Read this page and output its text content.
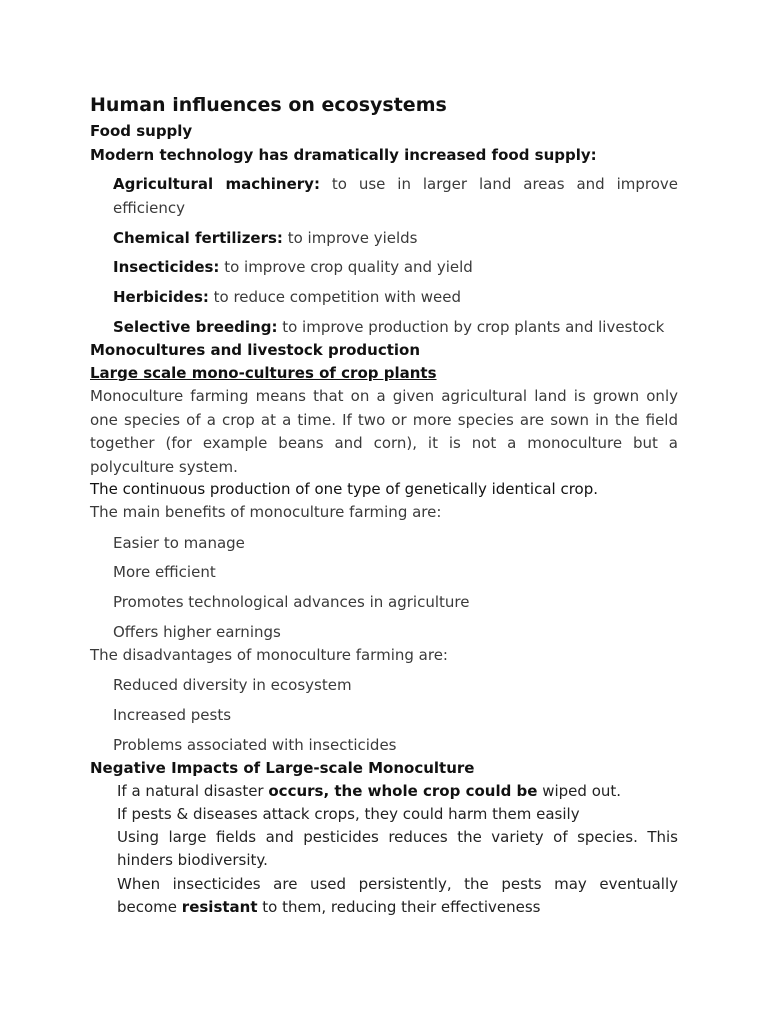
Human influences on ecosystems
Food supply
Modern technology has dramatically increased food supply:

Agricultural machinery: to use in larger land areas and improve efficiency

Chemical fertilizers: to improve yields

Insecticides: to improve crop quality and yield

Herbicides: to reduce competition with weed

Selective breeding: to improve production by crop plants and livestock

Monocultures and livestock production
Large scale mono-cultures of crop plants

Monoculture farming means that on a given agricultural land is grown only one species of a crop at a time. If two or more species are sown in the field together (for example beans and corn), it is not a monoculture but a polyculture system.

The continuous production of one type of genetically identical crop.
The main benefits of monoculture farming are:
Easier to manage
More efficient
Promotes technological advances in agriculture
Offers higher earnings
The disadvantages of monoculture farming are:
Reduced diversity in ecosystem
Increased pests
Problems associated with insecticides
Negative Impacts of Large-scale Monoculture

If a natural disaster occurs, the whole crop could be wiped out.

If pests & diseases attack crops, they could harm them easily

Using large fields and pesticides reduces the variety of species. This hinders biodiversity.

When insecticides are used persistently, the pests may eventually become resistant to them, reducing their effectiveness
